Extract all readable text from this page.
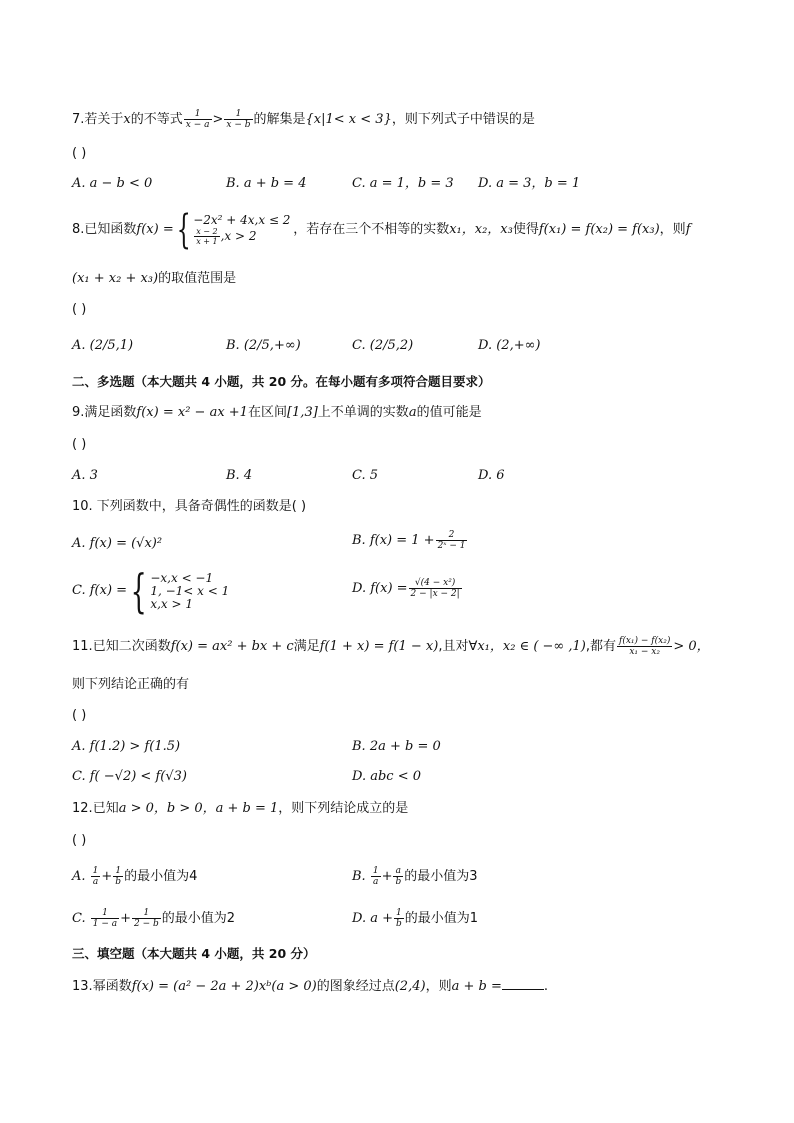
7.若关于x的不等式 $\frac{1}{x - a} > \frac{1}{x - b}$ 的解集是{x|1< x < 3}，则下列式子中错误的是
( )
A. a − b < 0	B. a + b = 4	C. a = 1，b = 3 D. a = 3，b = 1
8.已知函数f(x) ={ −2x² + 4x,x ≤ 2
$\frac{x - 2}{x + 1} ,x > 2$	，若存在三个不相等的实数x₁，x₂，x₃使得f(x₁) = f(x₂) = f(x₃)，则f
(x₁ + x₂ + x₃)的取值范围是
( )
A. (2/5,1)	B. (2/5,+∞)	C. (2/5,2)	D. (2,+∞)
二、多选题（本大题共 4 小题，共 20 分。在每小题有多项符合题目要求）
9.满足函数f(x) = x² − ax +1在区间[1,3]上不单调的实数a的值可能是
( )
A. 3	B. 4	C. 5	D. 6
10. 下列函数中，具备奇偶性的函数是( )
A. f(x) = (√x)²	B. $f(x) = 1 + \frac{2}{\text{2ˣ − 1}}$
C. f(x) ={ −x,x < −1
1, −1< x < 1
x,x > 1
D. $f(x) = \frac{\text{√(4 − x²)}}{2 - |x - 2|}$
11.已知二次函数f(x) = ax² + bx + c满足f(1 + x) = f(1 − x),且对∀x₁，x₂ ∈ ( −∞ ,1),都有 $\frac{\text{f(x₁) − f(x₂)}}{\text{x₁ − x₂}} > 0$，
则下列结论正确的有
( )
A. f(1.2) > f(1.5)	B. 2a + b = 0
C. f( −√2) < f(√3)	D. abc < 0
12.已知a > 0，b > 0，a + b = 1，则下列结论成立的是
( )
A. $\frac{1}{a} + \frac{1}{b}$ 的最小值为4	B. $\frac{1}{a} + \frac{a}{b}$ 的最小值为3
C. $\frac{1}{1 - a} + \frac{1}{2 - b}$ 的最小值为2	D. $a + \frac{1}{b}$ 的最小值为1
三、填空题（本大题共 4 小题，共 20 分）
13.幂函数f(x) = (a² − 2a + 2)xᵇ(a > 0)的图象经过点(2,4)，则a + b =	.
